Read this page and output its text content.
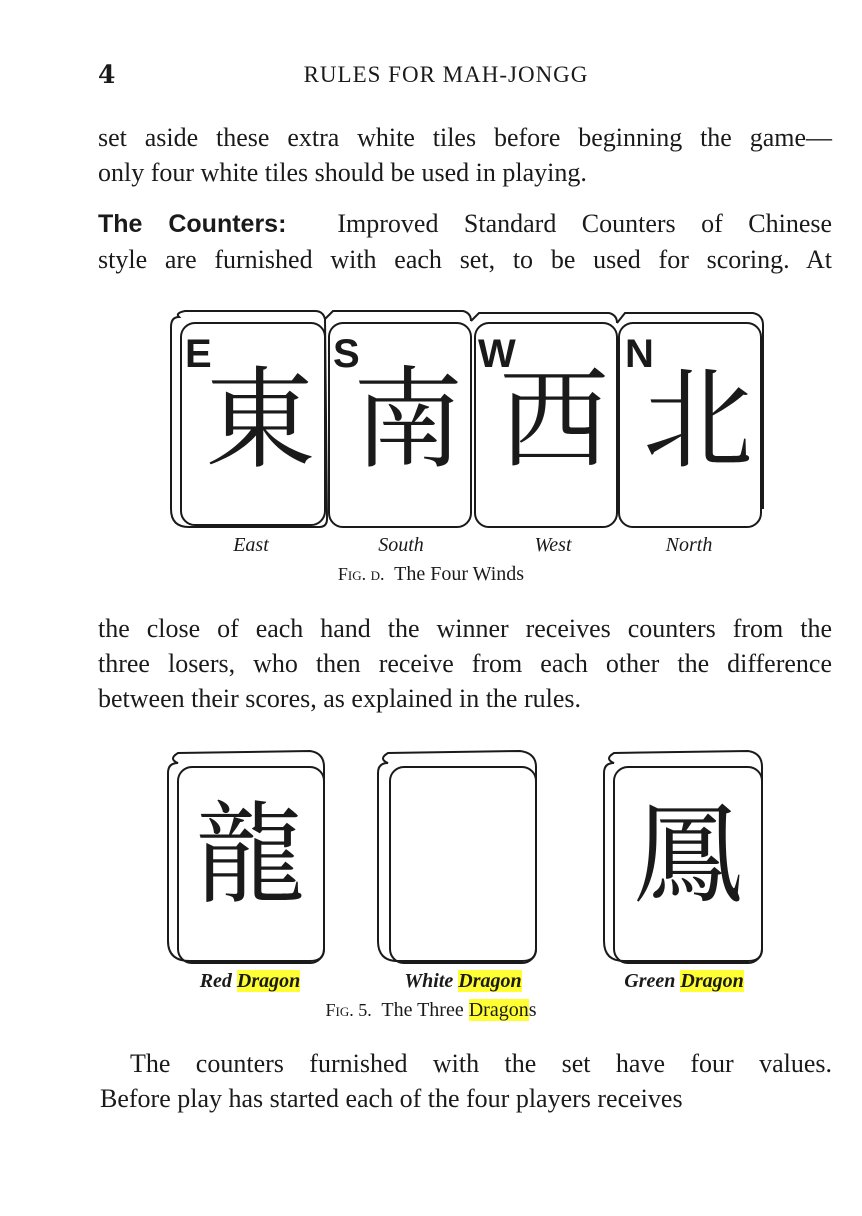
4	RULES FOR MAH-JONGG
set aside these extra white tiles before beginning the game—
only four white tiles should be used in playing.
The Counters: Improved Standard Counters of Chinese
style are furnished with each set, to be used for scoring. At
E	S	W	N
東 南 西 北
East	South	West	North
Fig. d. The Four Winds
the close of each hand the winner receives counters from the
three losers, who then receive from each other the difference
between their scores, as explained in the rules.
龍	鳳
Red Dragon	White Dragon	Green Dragon
Fig. 5. The Three Dragons
The counters furnished with the set have four values.
Before play has started each of the four players receives
